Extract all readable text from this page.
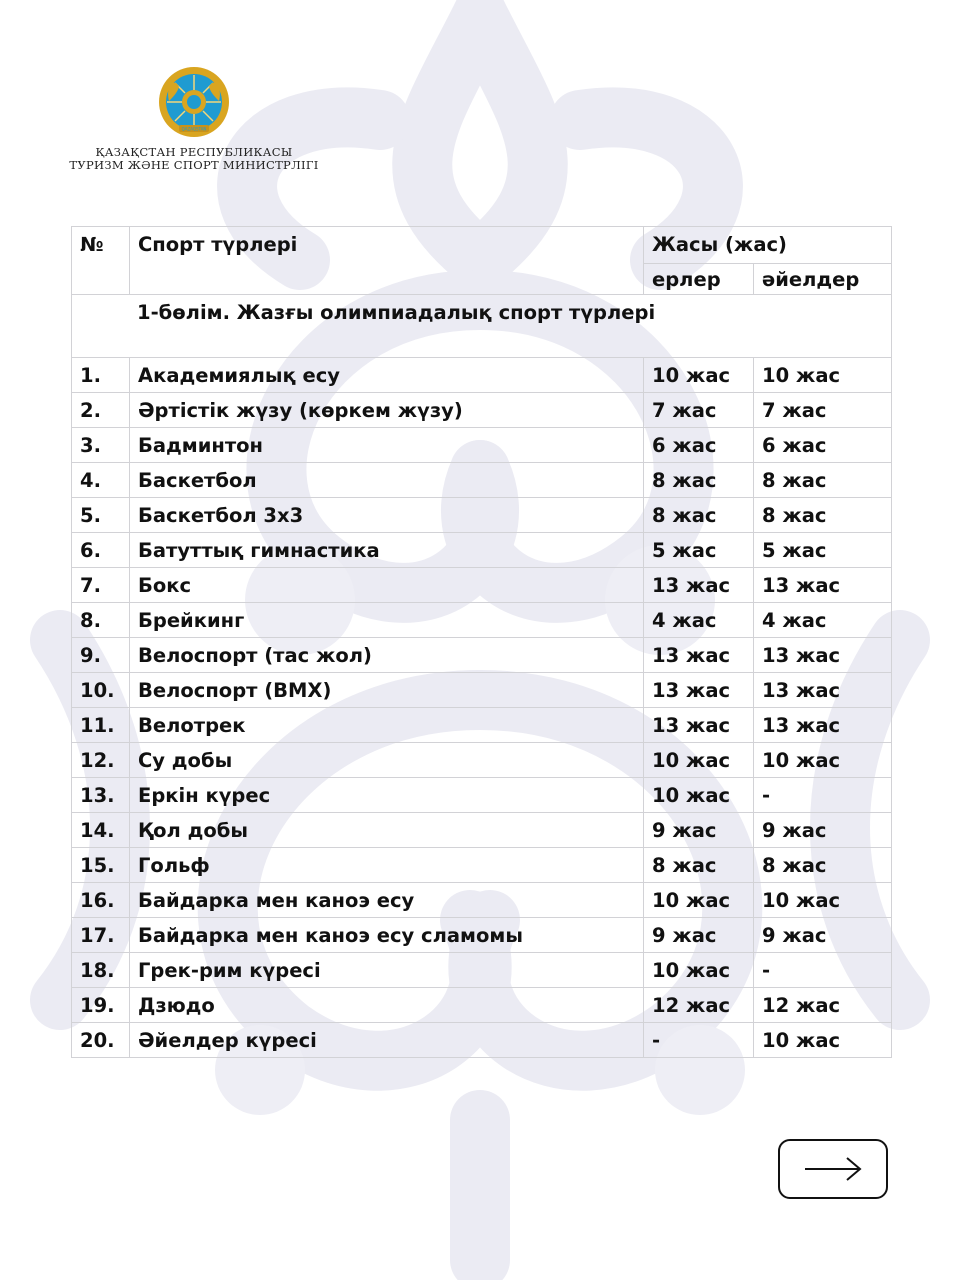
QAZAQSTAN
ҚАЗАҚСТАН РЕСПУБЛИКАСЫ
ТУРИЗМ ЖӘНЕ СПОРТ МИНИСТРЛІГІ
№	Спорт түрлері	Жасы (жас)	
		ерлер	әйелдер
1-бөлім. Жазғы олимпиадалық спорт түрлері			
1.	Академиялық есу	10 жас	10 жас
2.	Әртістік жүзу (көркем жүзу)	7 жас	7 жас
3.	Бадминтон	6 жас	6 жас
4.	Баскетбол	8 жас	8 жас
5.	Баскетбол 3х3	8 жас	8 жас
6.	Батуттық гимнастика	5 жас	5 жас
7.	Бокс	13 жас	13 жас
8.	Брейкинг	4 жас	4 жас
9.	Велоспорт (тас жол)	13 жас	13 жас
10.	Велоспорт (BMX)	13 жас	13 жас
11.	Велотрек	13 жас	13 жас
12.	Су добы	10 жас	10 жас
13.	Еркін күрес	10 жас	-
14.	Қол добы	9 жас	9 жас
15.	Гольф	8 жас	8 жас
16.	Байдарка мен каноэ есу	10 жас	10 жас
17.	Байдарка мен каноэ есу сламомы	9 жас	9 жас
18.	Грек-рим күресі	10 жас	-
19.	Дзюдо	12 жас	12 жас
20.	Әйелдер күресі	-	10 жас
